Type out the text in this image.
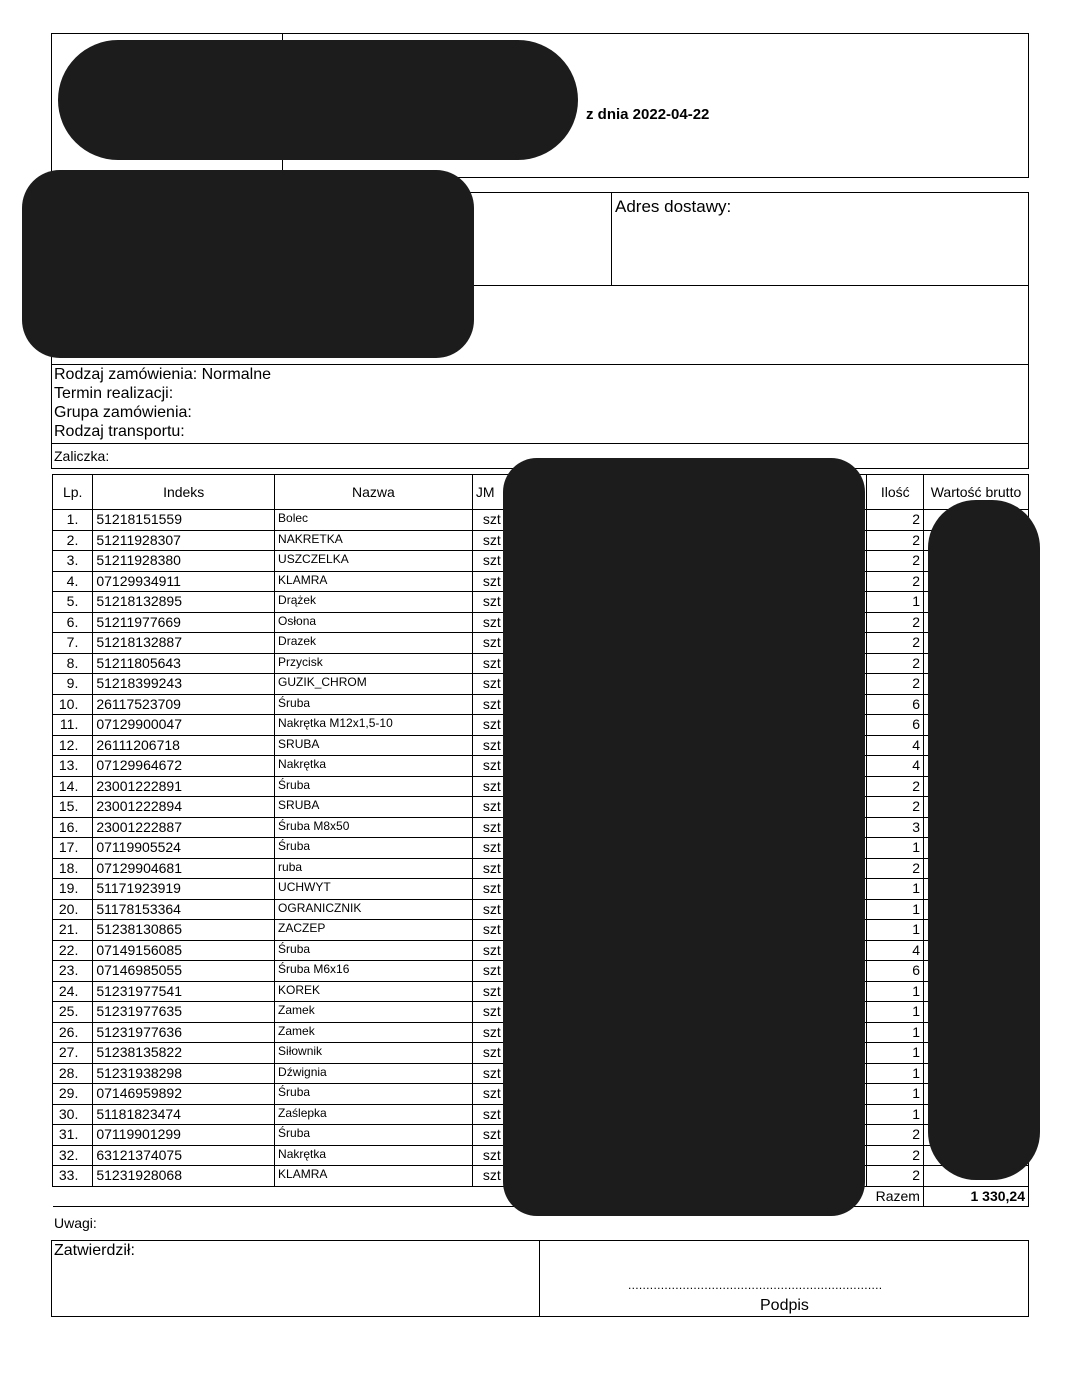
z dnia 2022-04-22
Adres dostawy:
Rodzaj zamówienia: Normalne
Termin realizacji:
Grupa zamówienia:
Rodzaj transportu:
Zaliczka:
Lp.	Indeks	Nazwa	JM		Ilość	Wartość brutto
1.	51218151559	Bolec	szt		2	
2.	51211928307	NAKRETKA	szt		2	
3.	51211928380	USZCZELKA	szt		2	
4.	07129934911	KLAMRA	szt		2	
5.	51218132895	Drążek	szt		1	
6.	51211977669	Osłona	szt		2	
7.	51218132887	Drazek	szt		2	
8.	51211805643	Przycisk	szt		2	
9.	51218399243	GUZIK_CHROM	szt		2	
10.	26117523709	Śruba	szt		6	
11.	07129900047	Nakrętka M12x1,5-10	szt		6	
12.	26111206718	SRUBA	szt		4	
13.	07129964672	Nakrętka	szt		4	
14.	23001222891	Śruba	szt		2	
15.	23001222894	SRUBA	szt		2	
16.	23001222887	Śruba M8x50	szt		3	
17.	07119905524	Śruba	szt		1	
18.	07129904681	ruba	szt		2	
19.	51171923919	UCHWYT	szt		1	
20.	51178153364	OGRANICZNIK	szt		1	
21.	51238130865	ZACZEP	szt		1	
22.	07149156085	Śruba	szt		4	
23.	07146985055	Śruba M6x16	szt		6	
24.	51231977541	KOREK	szt		1	
25.	51231977635	Zamek	szt		1	
26.	51231977636	Zamek	szt		1	
27.	51238135822	Siłownik	szt		1	
28.	51231938298	Dźwignia	szt		1	
29.	07146959892	Śruba	szt		1	
30.	51181823474	Zaślepka	szt		1	
31.	07119901299	Śruba	szt		2	
32.	63121374075	Nakrętka	szt		2	
33.	51231928068	KLAMRA	szt		2	
Razem						1 330,24
Uwagi:
Zatwierdził:
......................................................................
Podpis
